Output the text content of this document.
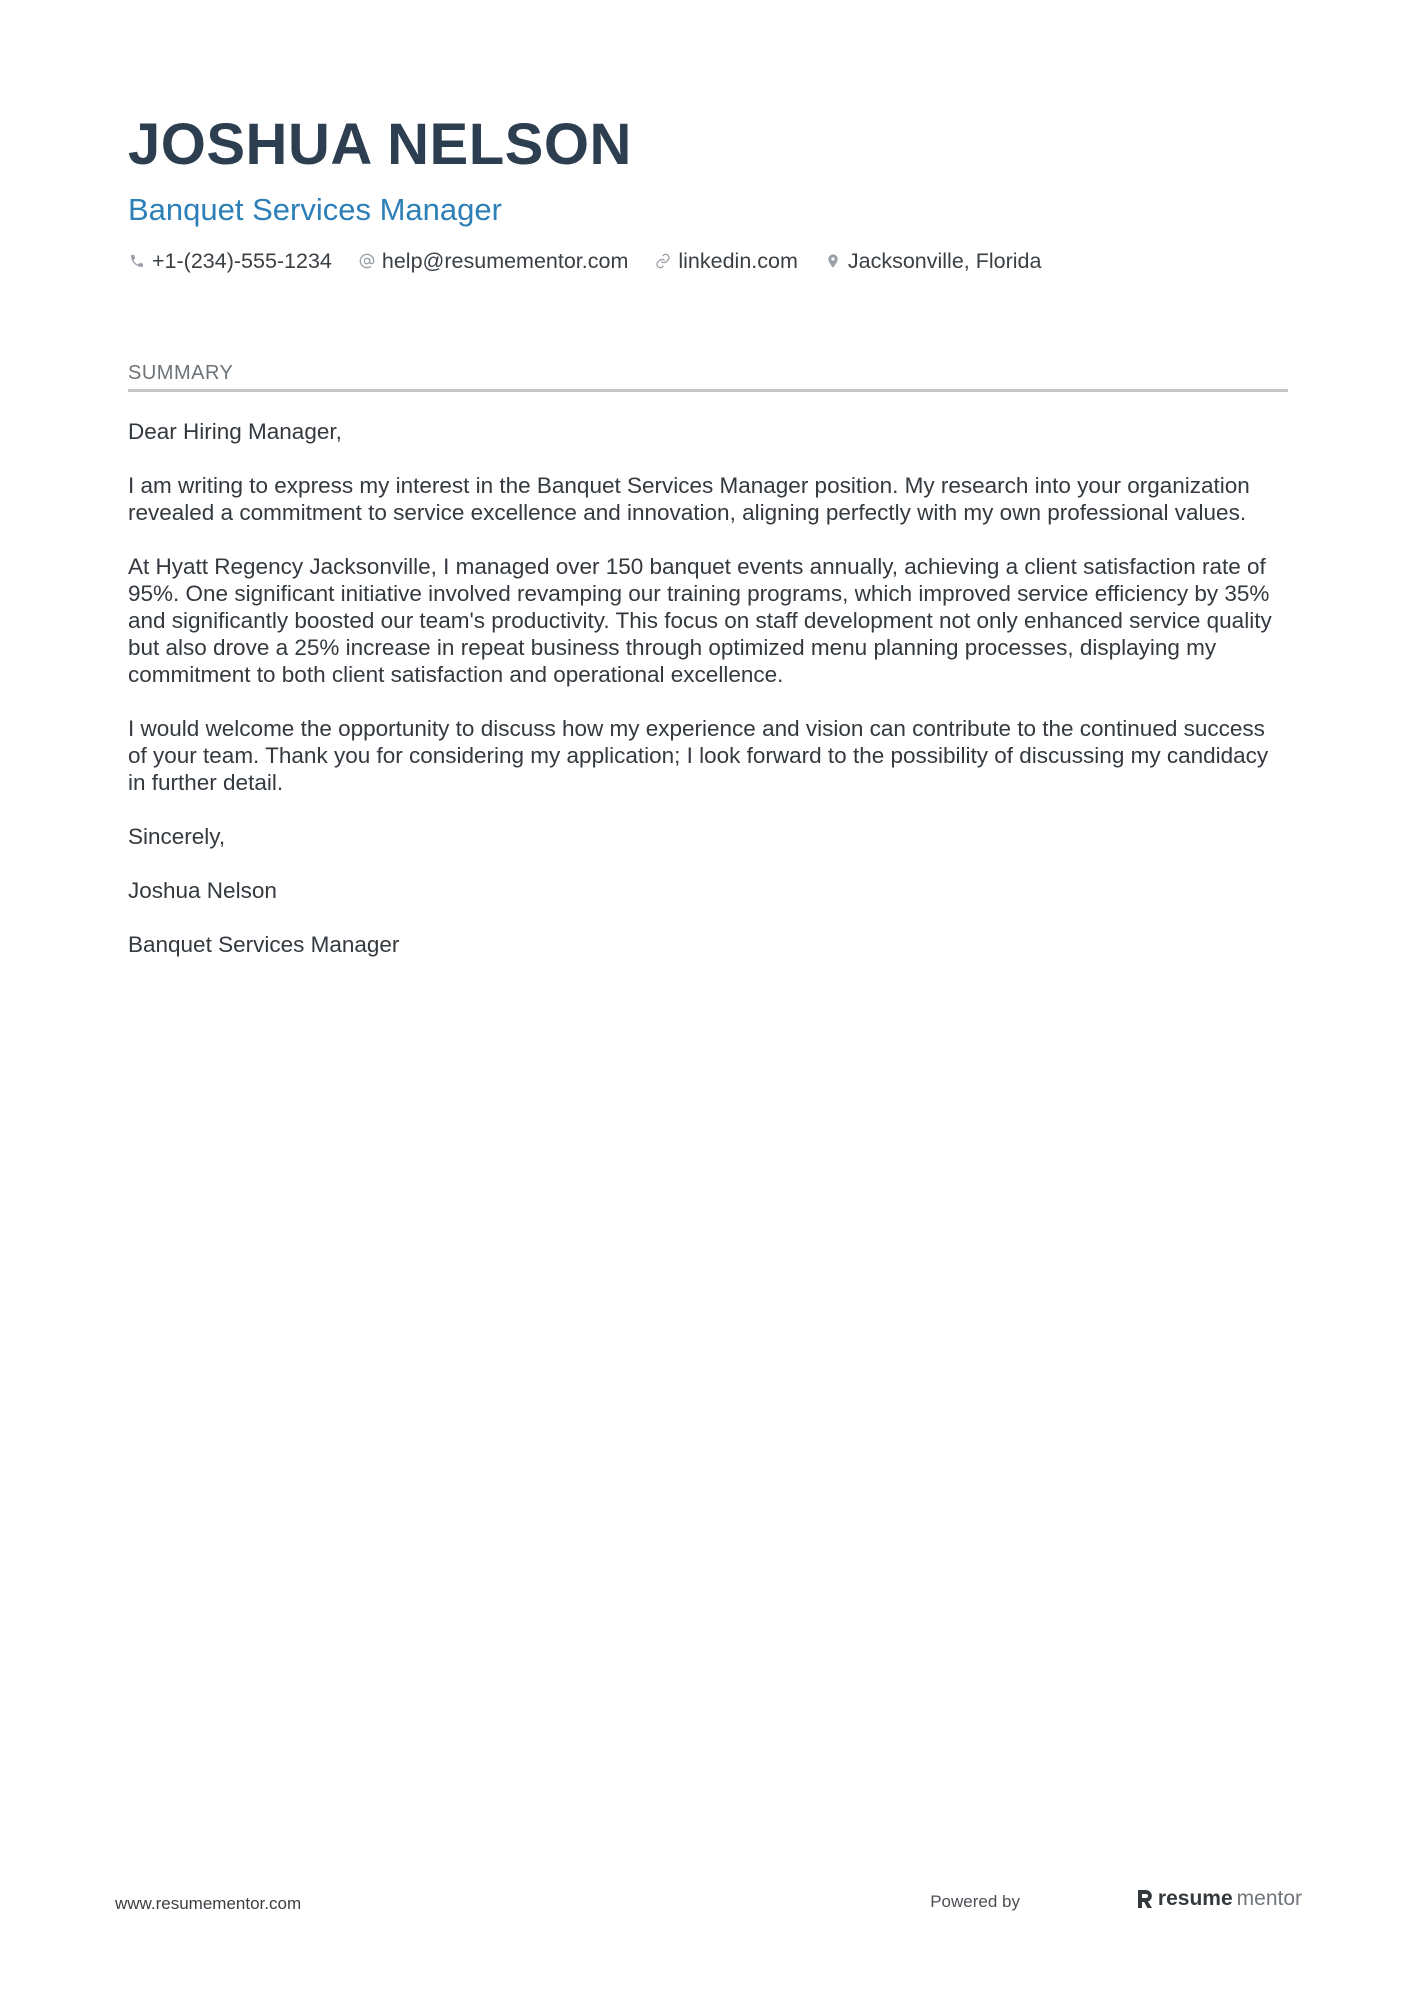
JOSHUA NELSON
Banquet Services Manager
+1-(234)-555-1234 help@resumementor.com linkedin.com Jacksonville, Florida
SUMMARY

Dear Hiring Manager,

I am writing to express my interest in the Banquet Services Manager position. My research into your organization revealed a commitment to service excellence and innovation, aligning perfectly with my own professional values.

At Hyatt Regency Jacksonville, I managed over 150 banquet events annually, achieving a client satisfaction rate of 95%. One significant initiative involved revamping our training programs, which improved service efficiency by 35% and significantly boosted our team's productivity. This focus on staff development not only enhanced service quality but also drove a 25% increase in repeat business through optimized menu planning processes, displaying my commitment to both client satisfaction and operational excellence.

I would welcome the opportunity to discuss how my experience and vision can contribute to the continued success of your team. Thank you for considering my application; I look forward to the possibility of discussing my candidacy in further detail.

Sincerely,

Joshua Nelson

Banquet Services Manager

www.resumementor.com	Powered by	resume mentor
